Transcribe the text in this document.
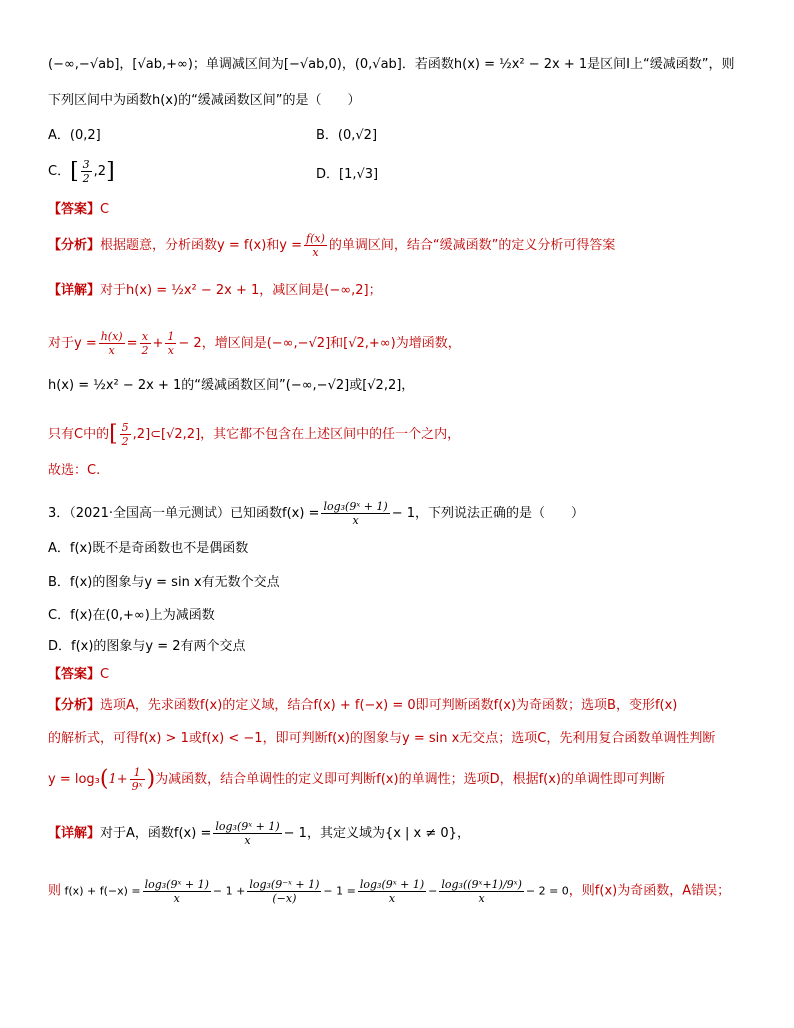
(−∞,−√ab]，[√ab,+∞)；单调减区间为[−√ab,0)，(0,√ab]．若函数h(x) = ½x² − 2x + 1是区间I上“缓减函数”，则
下列区间中为函数h(x)的“缓减函数区间”的是（　　）
A．(0,2]	B．(0,√2]
C．[ $\frac{3}{2} ,2$]	D．[1,√3]
【答案】C
【分析】根据题意，分析函数y = f(x)和$y = \frac{f(x)}{x}$ 的单调区间，结合“缓减函数”的定义分析可得答案
【详解】对于h(x) = ½x² − 2x + 1，减区间是(−∞,2]；
对于$y = \frac{h(x)}{x} = \frac{x}{2} + \frac{1}{x} - 2$，增区间是(−∞,−√2]和[√2,+∞)为增函数，
h(x) = ½x² − 2x + 1的“缓减函数区间”(−∞,−√2]或[√2,2]，
只有C中的[ $\frac{5}{2}$ ,2]⊂[√2,2]，其它都不包含在上述区间中的任一个之内，
故选：C.
3．（2021·全国高一单元测试）已知函数$f(x) = \frac{\text{log₃(9ˣ + 1)}}{x} - 1$，下列说法正确的是（　　）
A．f(x)既不是奇函数也不是偶函数
B．f(x)的图象与y = sin x有无数个交点
C．f(x)在(0,+∞)上为减函数
D．f(x)的图象与y = 2有两个交点
【答案】C
【分析】选项A，先求函数f(x)的定义域，结合f(x) + f(−x) = 0即可判断函数f(x)为奇函数；选项B，变形f(x)
的解析式，可得f(x) > 1或f(x) < −1，即可判断f(x)的图象与y = sin x无交点；选项C，先利用复合函数单调性判断
$y = \log_3(1+ \frac{1}{\text{9ˣ}}$ )为减函数，结合单调性的定义即可判断f(x)的单调性；选项D，根据f(x)的单调性即可判断
【详解】对于A，函数$f(x) = \frac{\text{log₃(9ˣ + 1)}}{x} - 1$，其定义域为{x | x ≠ 0}，
则 $f(x) + f(-x) = \frac{\text{log₃(9ˣ + 1)}}{x} - 1 + \frac{\text{log₃(9⁻ˣ + 1)}}{(-x)} - 1 = \frac{\text{log₃(9ˣ + 1)}}{x} - \frac{\text{log₃((9ˣ+1)/9ˣ)}}{x} - 2 = 0$，则f(x)为奇函数，A错误；
